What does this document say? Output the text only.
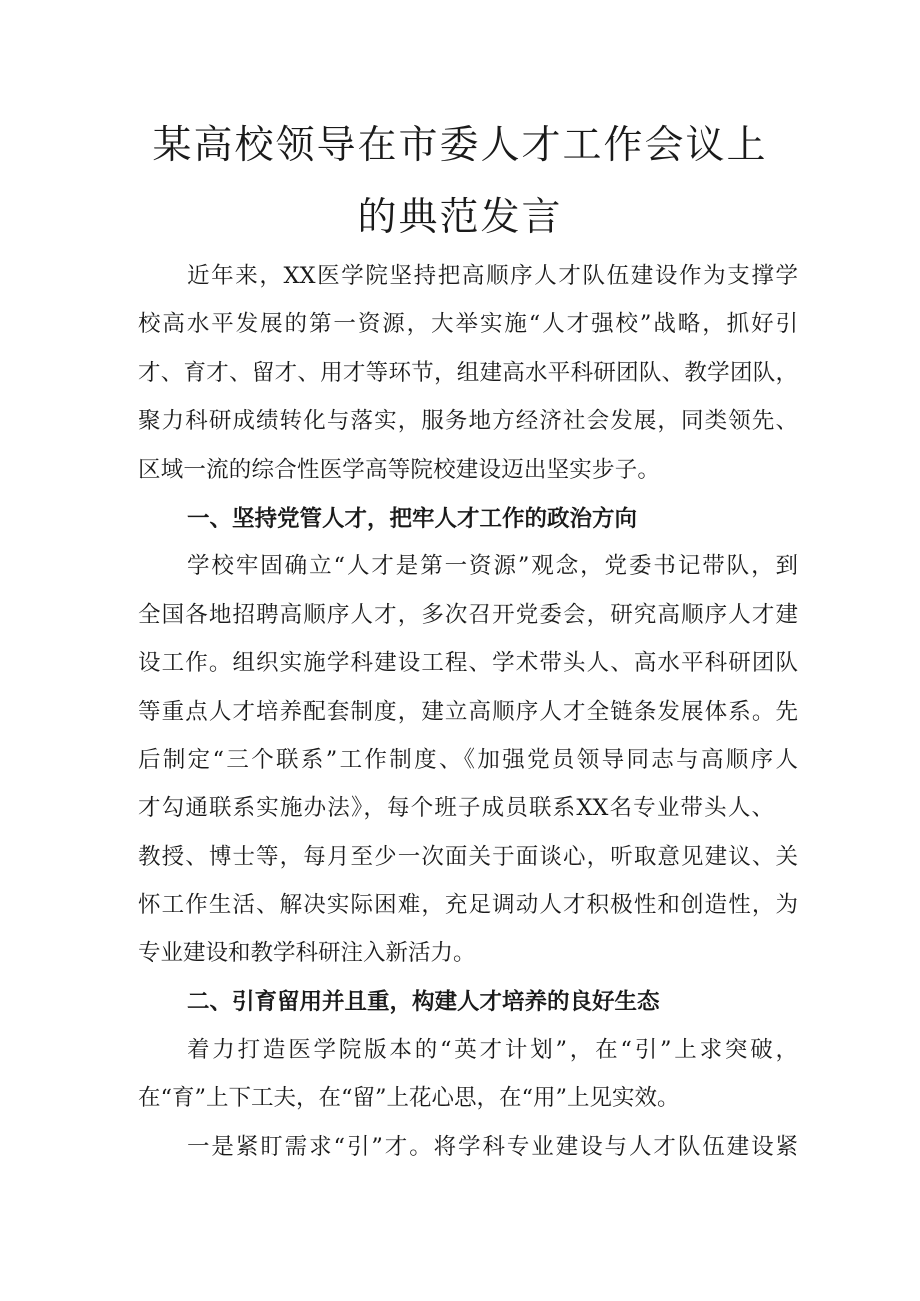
某高校领导在市委人才工作会议上
的典范发言

近年来，XX医学院坚持把高顺序人才队伍建设作为支撑学

校高水平发展的第一资源，大举实施“人才强校”战略，抓好引

才、育才、留才、用才等环节，组建高水平科研团队、教学团队，

聚力科研成绩转化与落实，服务地方经济社会发展，同类领先、

区域一流的综合性医学高等院校建设迈出坚实步子。

一、坚持党管人才，把牢人才工作的政治方向

学校牢固确立“人才是第一资源”观念，党委书记带队，到

全国各地招聘高顺序人才，多次召开党委会，研究高顺序人才建

设工作。组织实施学科建设工程、学术带头人、高水平科研团队

等重点人才培养配套制度，建立高顺序人才全链条发展体系。先

后制定“三个联系”工作制度、《加强党员领导同志与高顺序人

才勾通联系实施办法》，每个班子成员联系XX名专业带头人、

教授、博士等，每月至少一次面关于面谈心，听取意见建议、关

怀工作生活、解决实际困难，充足调动人才积极性和创造性，为

专业建设和教学科研注入新活力。

二、引育留用并且重，构建人才培养的良好生态

着力打造医学院版本的“英才计划”，在“引”上求突破，

在“育”上下工夫，在“留”上花心思，在“用”上见实效。

一是紧盯需求“引”才。将学科专业建设与人才队伍建设紧
